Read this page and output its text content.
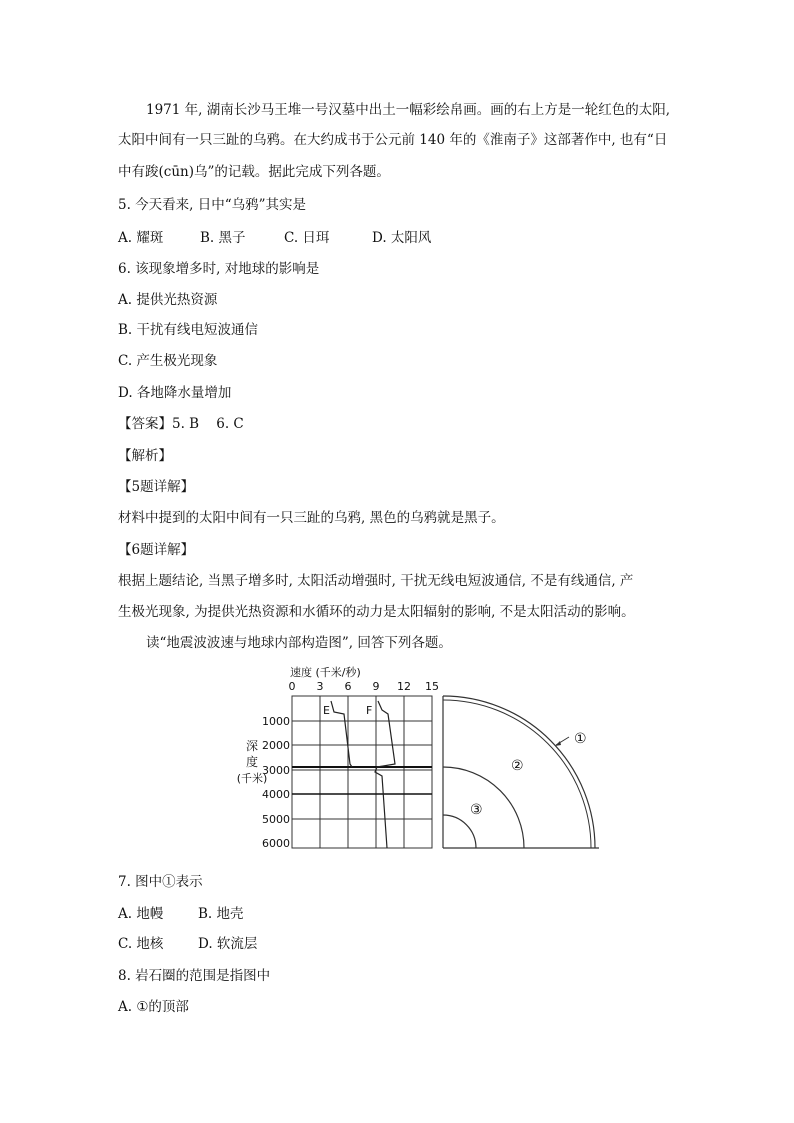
1971 年, 湖南长沙马王堆一号汉墓中出土一幅彩绘帛画。画的右上方是一轮红色的太阳,
太阳中间有一只三趾的乌鸦。在大约成书于公元前 140 年的《淮南子》这部著作中, 也有“日
中有踆(cūn)乌”的记载。据此完成下列各题。
5. 今天看来, 日中“乌鸦”其实是
A. 耀斑	B. 黑子	C. 日珥	D. 太阳风
6. 该现象增多时, 对地球的影响是
A. 提供光热资源
B. 干扰有线电短波通信
C. 产生极光现象
D. 各地降水量增加
【答案】5. B    6. C
【解析】
【5题详解】
材料中提到的太阳中间有一只三趾的乌鸦, 黑色的乌鸦就是黑子。
【6题详解】
根据上题结论, 当黑子增多时, 太阳活动增强时, 干扰无线电短波通信, 不是有线通信, 产
生极光现象, 为提供光热资源和水循环的动力是太阳辐射的影响, 不是太阳活动的影响。
读“地震波波速与地球内部构造图”, 回答下列各题。
速度 (千米/秒)
0 3 6 9 12 15
1000
2000
3000
4000
5000
6000
深
度
(千米)
E	F
①
②
③
7. 图中①表示
A. 地幔	B. 地壳
C. 地核	D. 软流层
8. 岩石圈的范围是指图中
A. ①的顶部
